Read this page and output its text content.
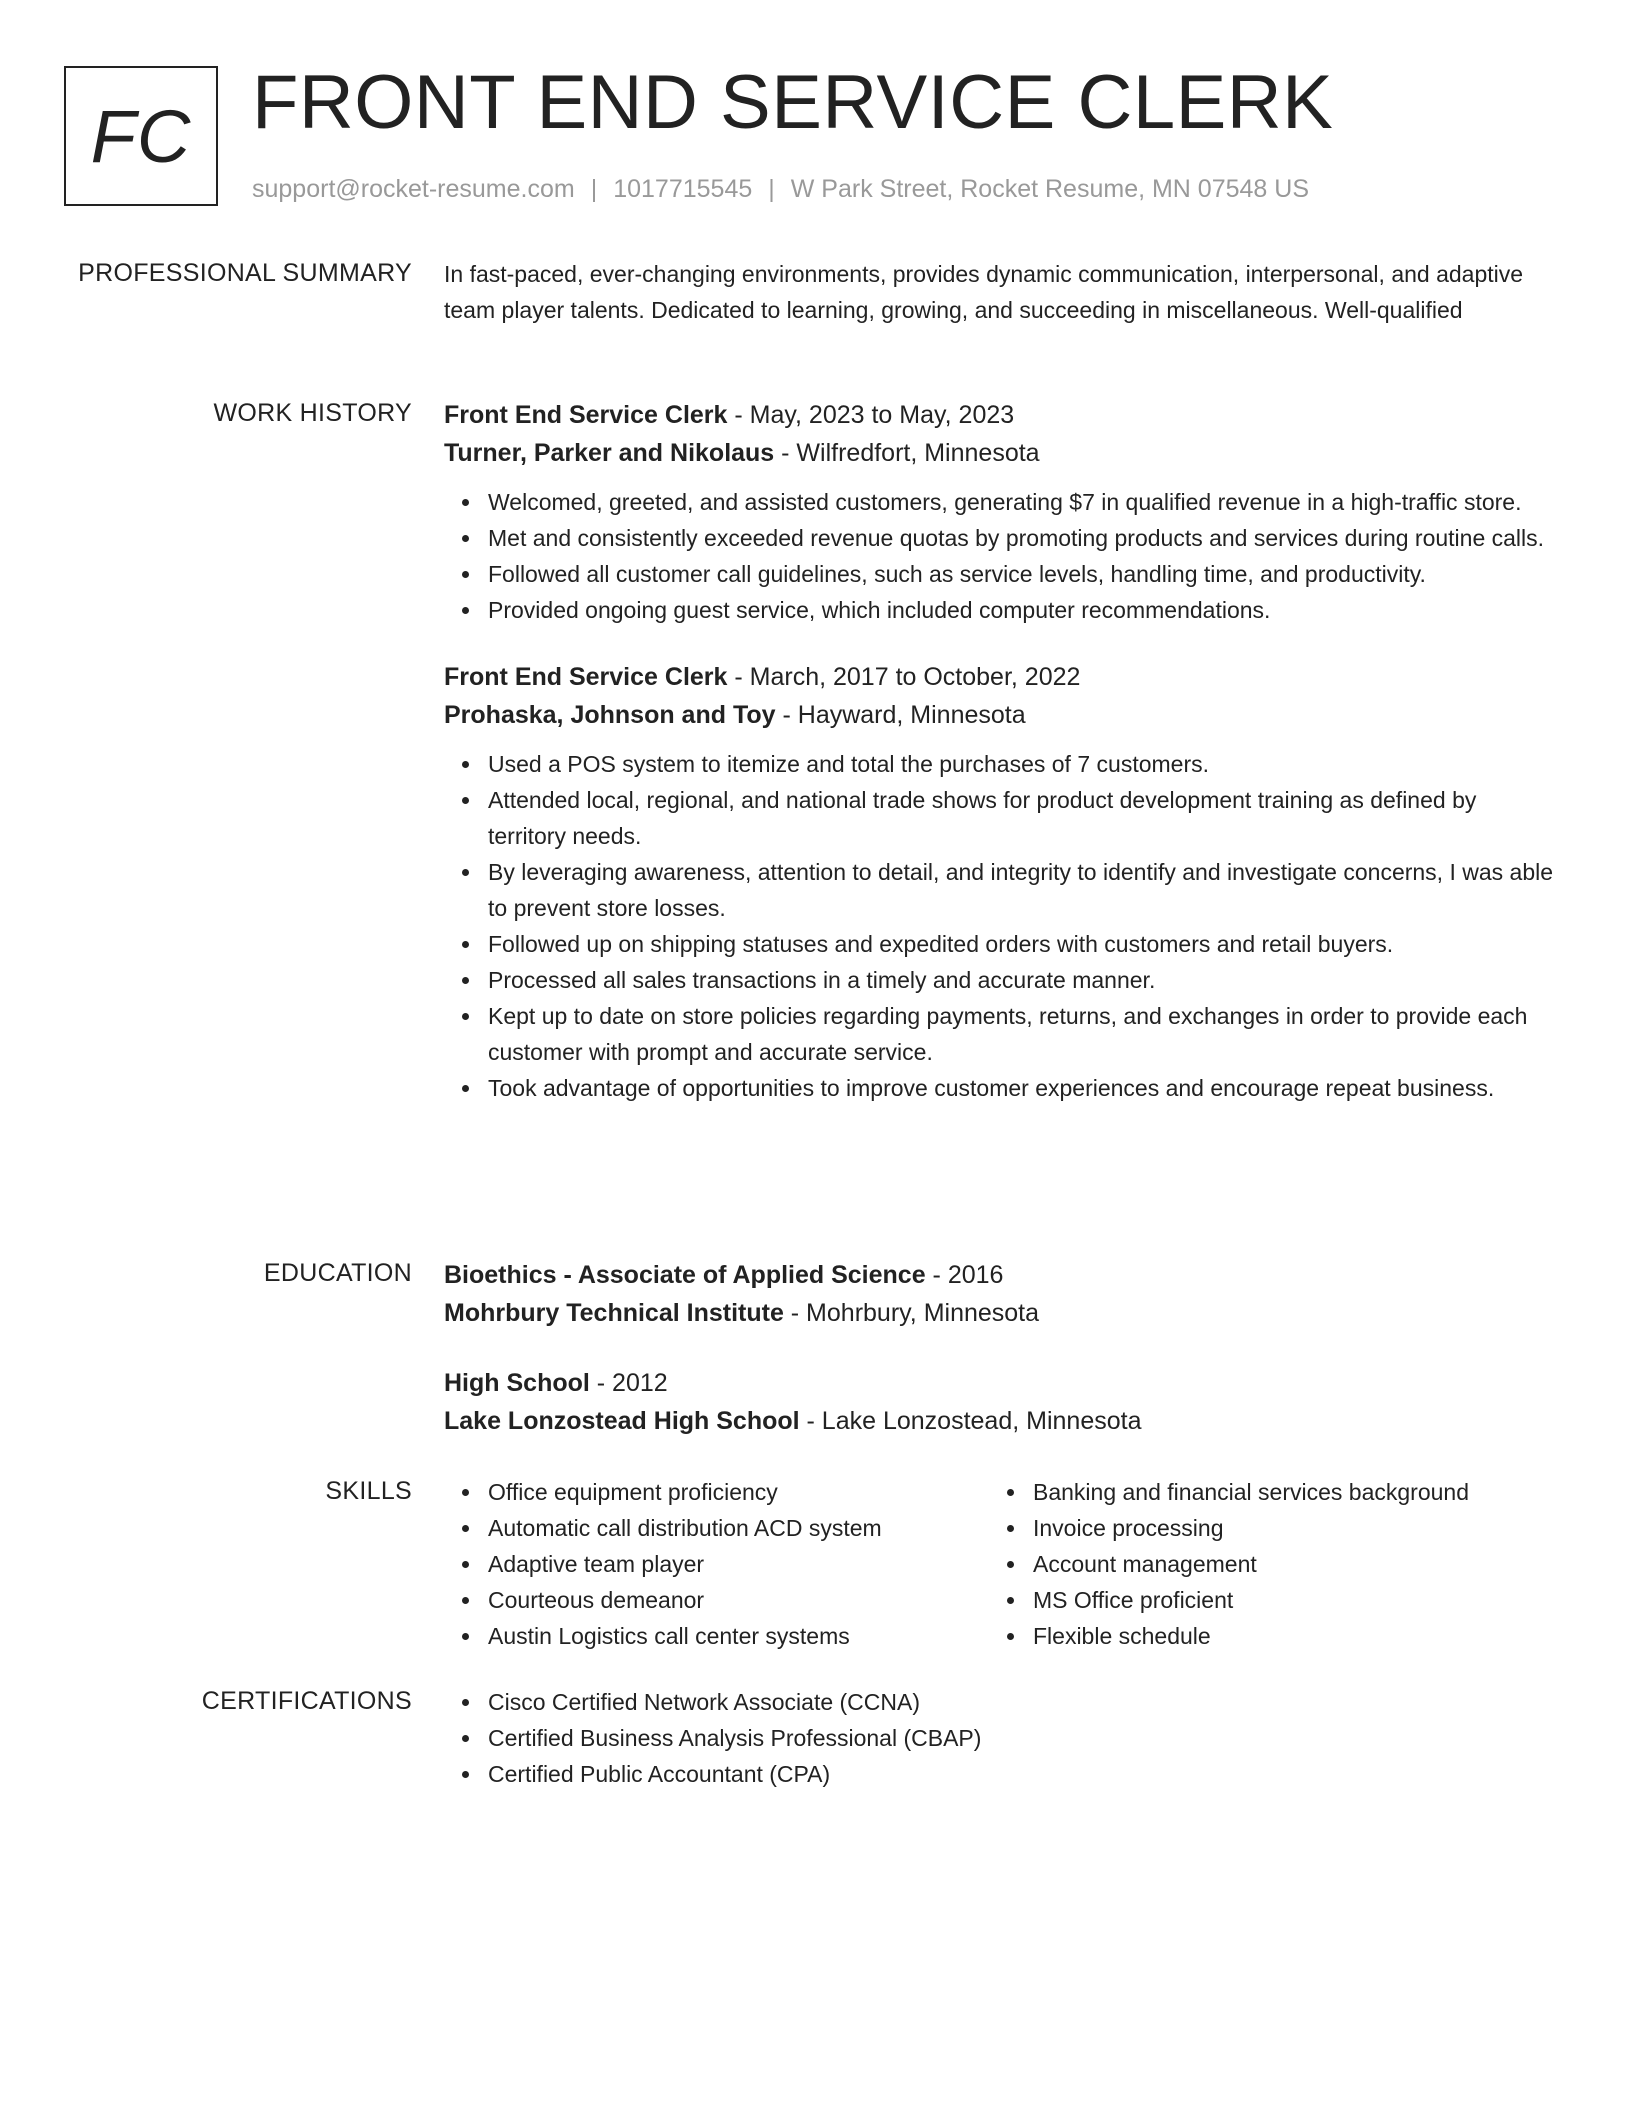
FC FRONT END SERVICE CLERK
support@rocket-resume.com | 1017715545 | W Park Street, Rocket Resume, MN 07548 US
PROFESSIONAL SUMMARY In fast-paced, ever-changing environments, provides dynamic communication, interpersonal, and adaptive team player talents. Dedicated to learning, growing, and succeeding in miscellaneous. Well-qualified

WORK HISTORY Front End Service Clerk - May, 2023 to May, 2023
Turner, Parker and Nikolaus - Wilfredfort, Minnesota
Welcomed, greeted, and assisted customers, generating $7 in qualified revenue in a high-traffic store.
Met and consistently exceeded revenue quotas by promoting products and services during routine calls.
Followed all customer call guidelines, such as service levels, handling time, and productivity.
Provided ongoing guest service, which included computer recommendations.
Front End Service Clerk - March, 2017 to October, 2022
Prohaska, Johnson and Toy - Hayward, Minnesota
Used a POS system to itemize and total the purchases of 7 customers.
Attended local, regional, and national trade shows for product development training as defined by territory needs.
By leveraging awareness, attention to detail, and integrity to identify and investigate concerns, I was able to prevent store losses.
Followed up on shipping statuses and expedited orders with customers and retail buyers.
Processed all sales transactions in a timely and accurate manner.
Kept up to date on store policies regarding payments, returns, and exchanges in order to provide each customer with prompt and accurate service.
Took advantage of opportunities to improve customer experiences and encourage repeat business.
EDUCATION Bioethics - Associate of Applied Science - 2016
Mohrbury Technical Institute - Mohrbury, Minnesota
High School - 2012
Lake Lonzostead High School - Lake Lonzostead, Minnesota
SKILLS	Office equipment proficiency
Automatic call distribution ACD system
Adaptive team player
Courteous demeanor
Austin Logistics call center systems
Banking and financial services background
Invoice processing
Account management
MS Office proficient
Flexible schedule
CERTIFICATIONS	Cisco Certified Network Associate (CCNA)
Certified Business Analysis Professional (CBAP)
Certified Public Accountant (CPA)
